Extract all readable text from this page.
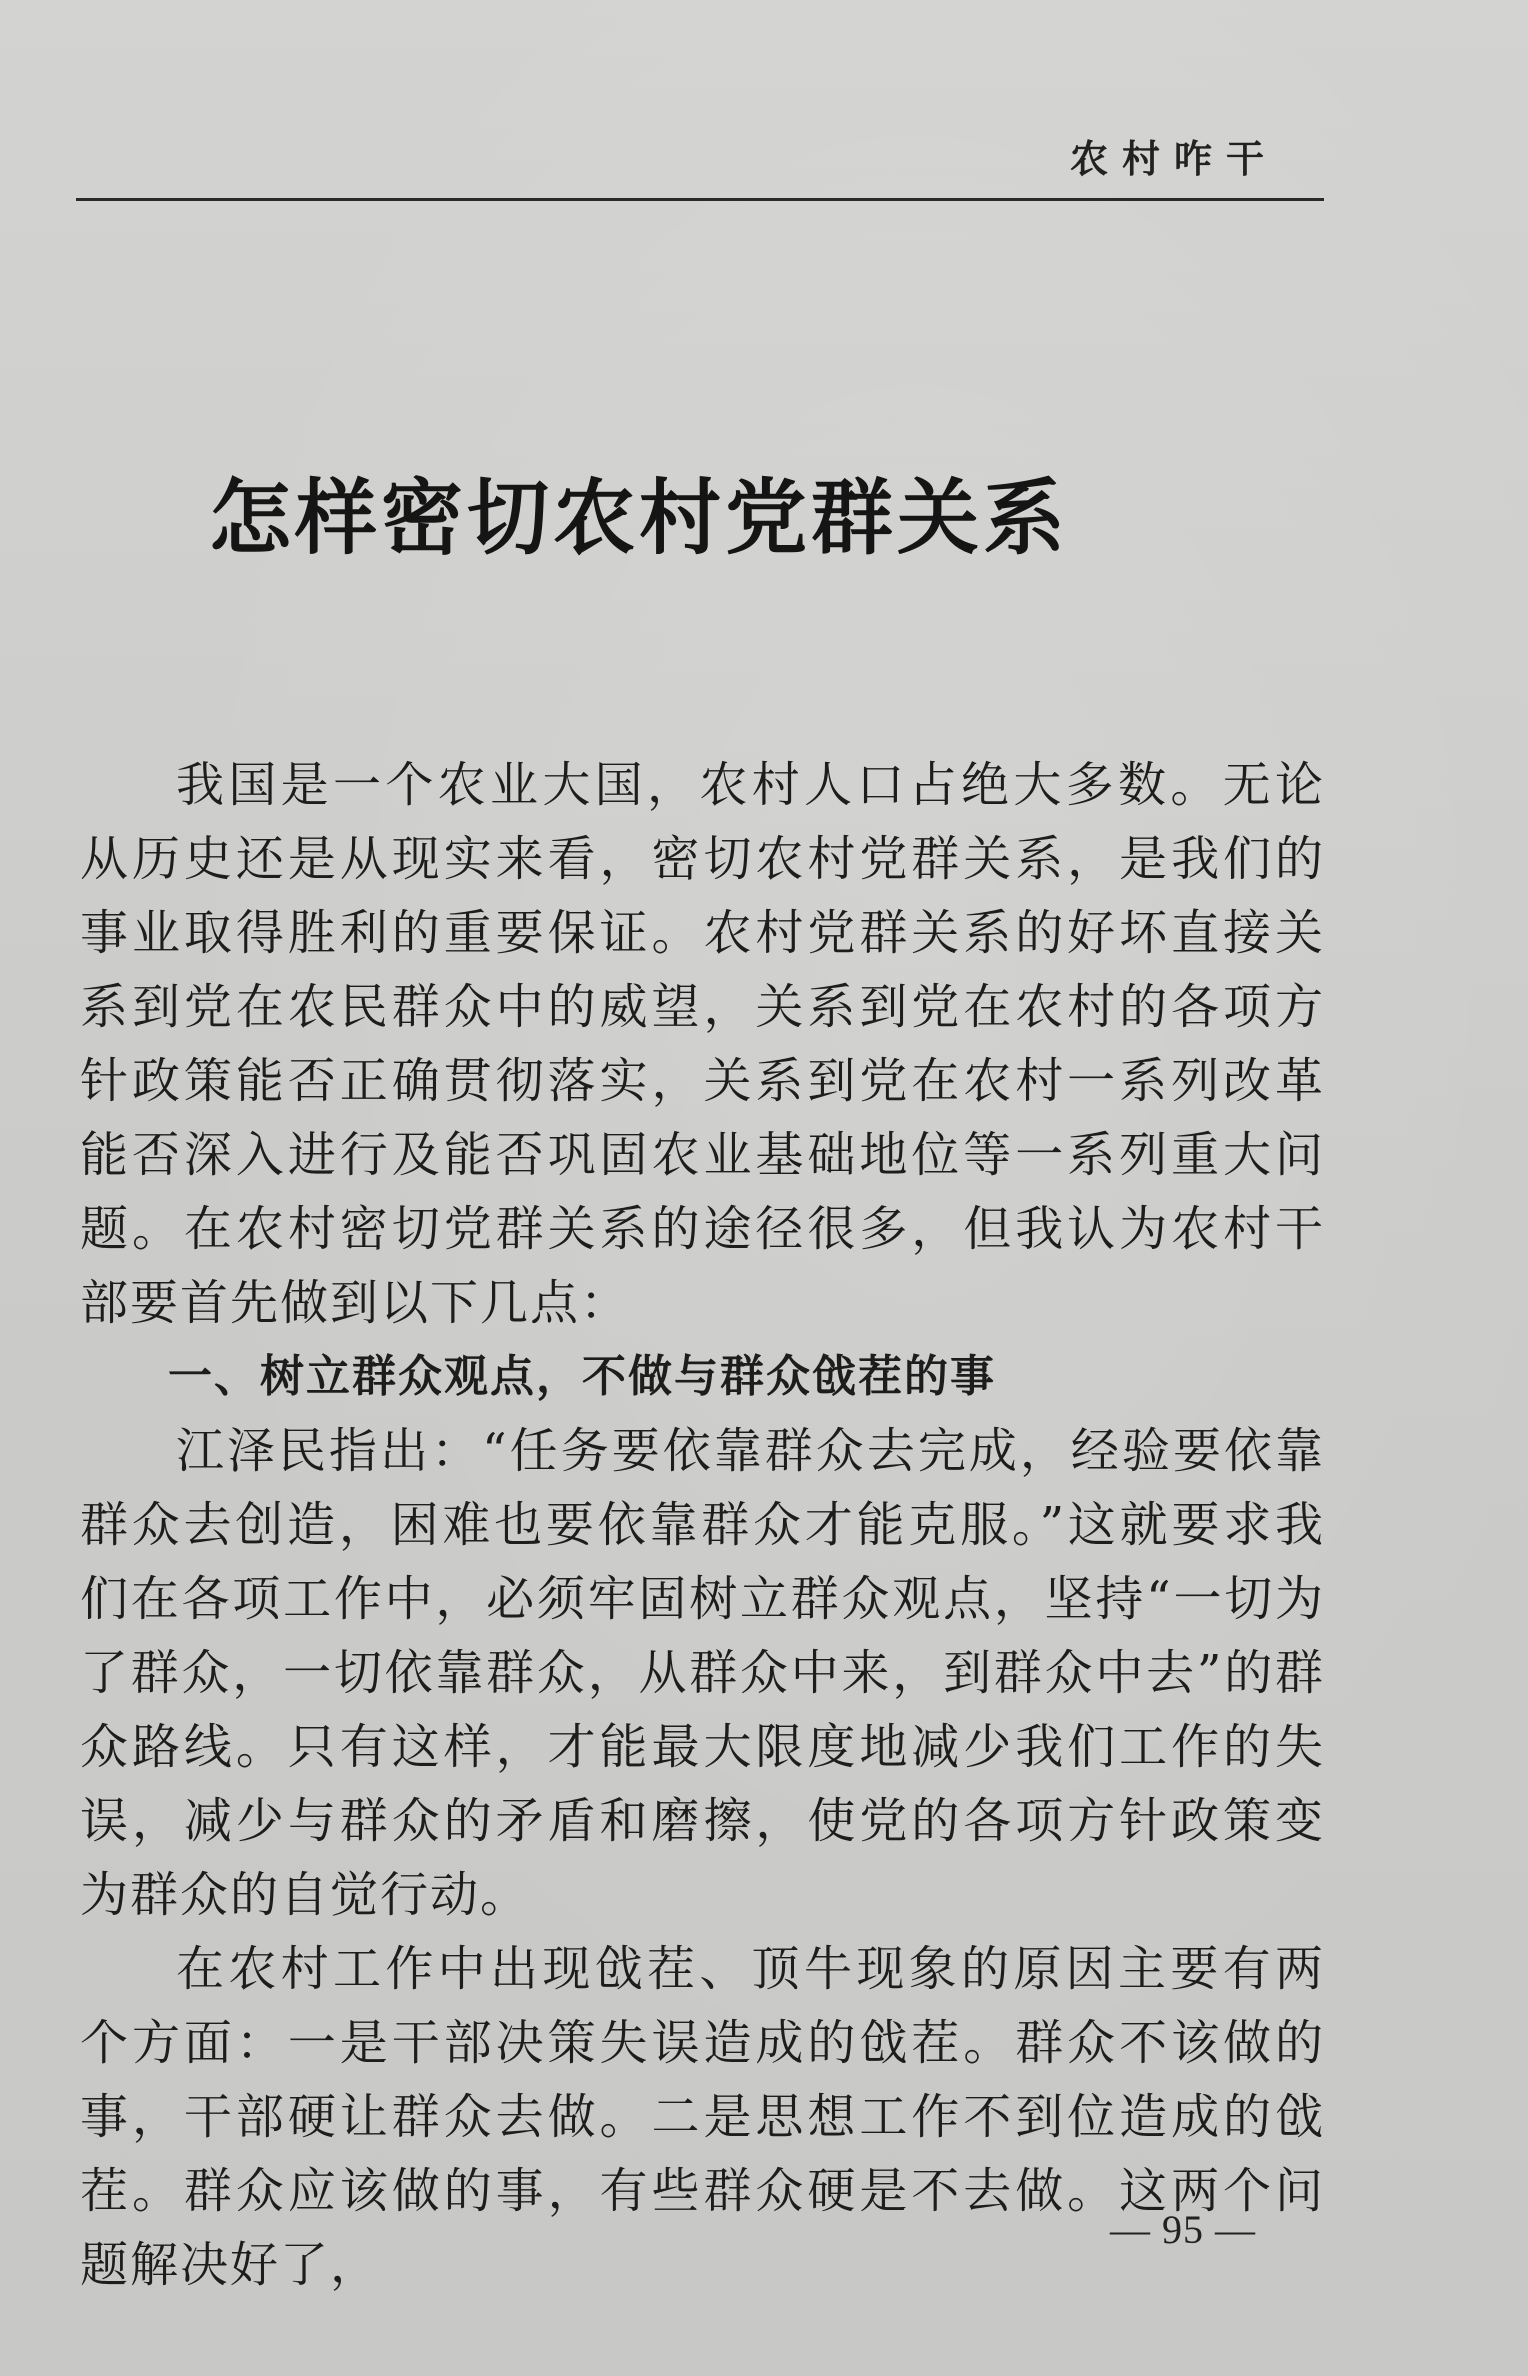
农村咋干
怎样密切农村党群关系

我国是一个农业大国，农村人口占绝大多数。无论从历史还是从现实来看，密切农村党群关系，是我们的事业取得胜利的重要保证。农村党群关系的好坏直接关系到党在农民群众中的威望，关系到党在农村的各项方针政策能否正确贯彻落实，关系到党在农村一系列改革能否深入进行及能否巩固农业基础地位等一系列重大问题。在农村密切党群关系的途径很多，但我认为农村干部要首先做到以下几点：

一、树立群众观点，不做与群众戗茬的事

江泽民指出：“任务要依靠群众去完成，经验要依靠群众去创造，困难也要依靠群众才能克服。”这就要求我们在各项工作中，必须牢固树立群众观点，坚持“一切为了群众，一切依靠群众，从群众中来，到群众中去”的群众路线。只有这样，才能最大限度地减少我们工作的失误，减少与群众的矛盾和磨擦，使党的各项方针政策变为群众的自觉行动。

在农村工作中出现戗茬、顶牛现象的原因主要有两个方面：一是干部决策失误造成的戗茬。群众不该做的事，干部硬让群众去做。二是思想工作不到位造成的戗茬。群众应该做的事，有些群众硬是不去做。这两个问题解决好了，

— 95 —
